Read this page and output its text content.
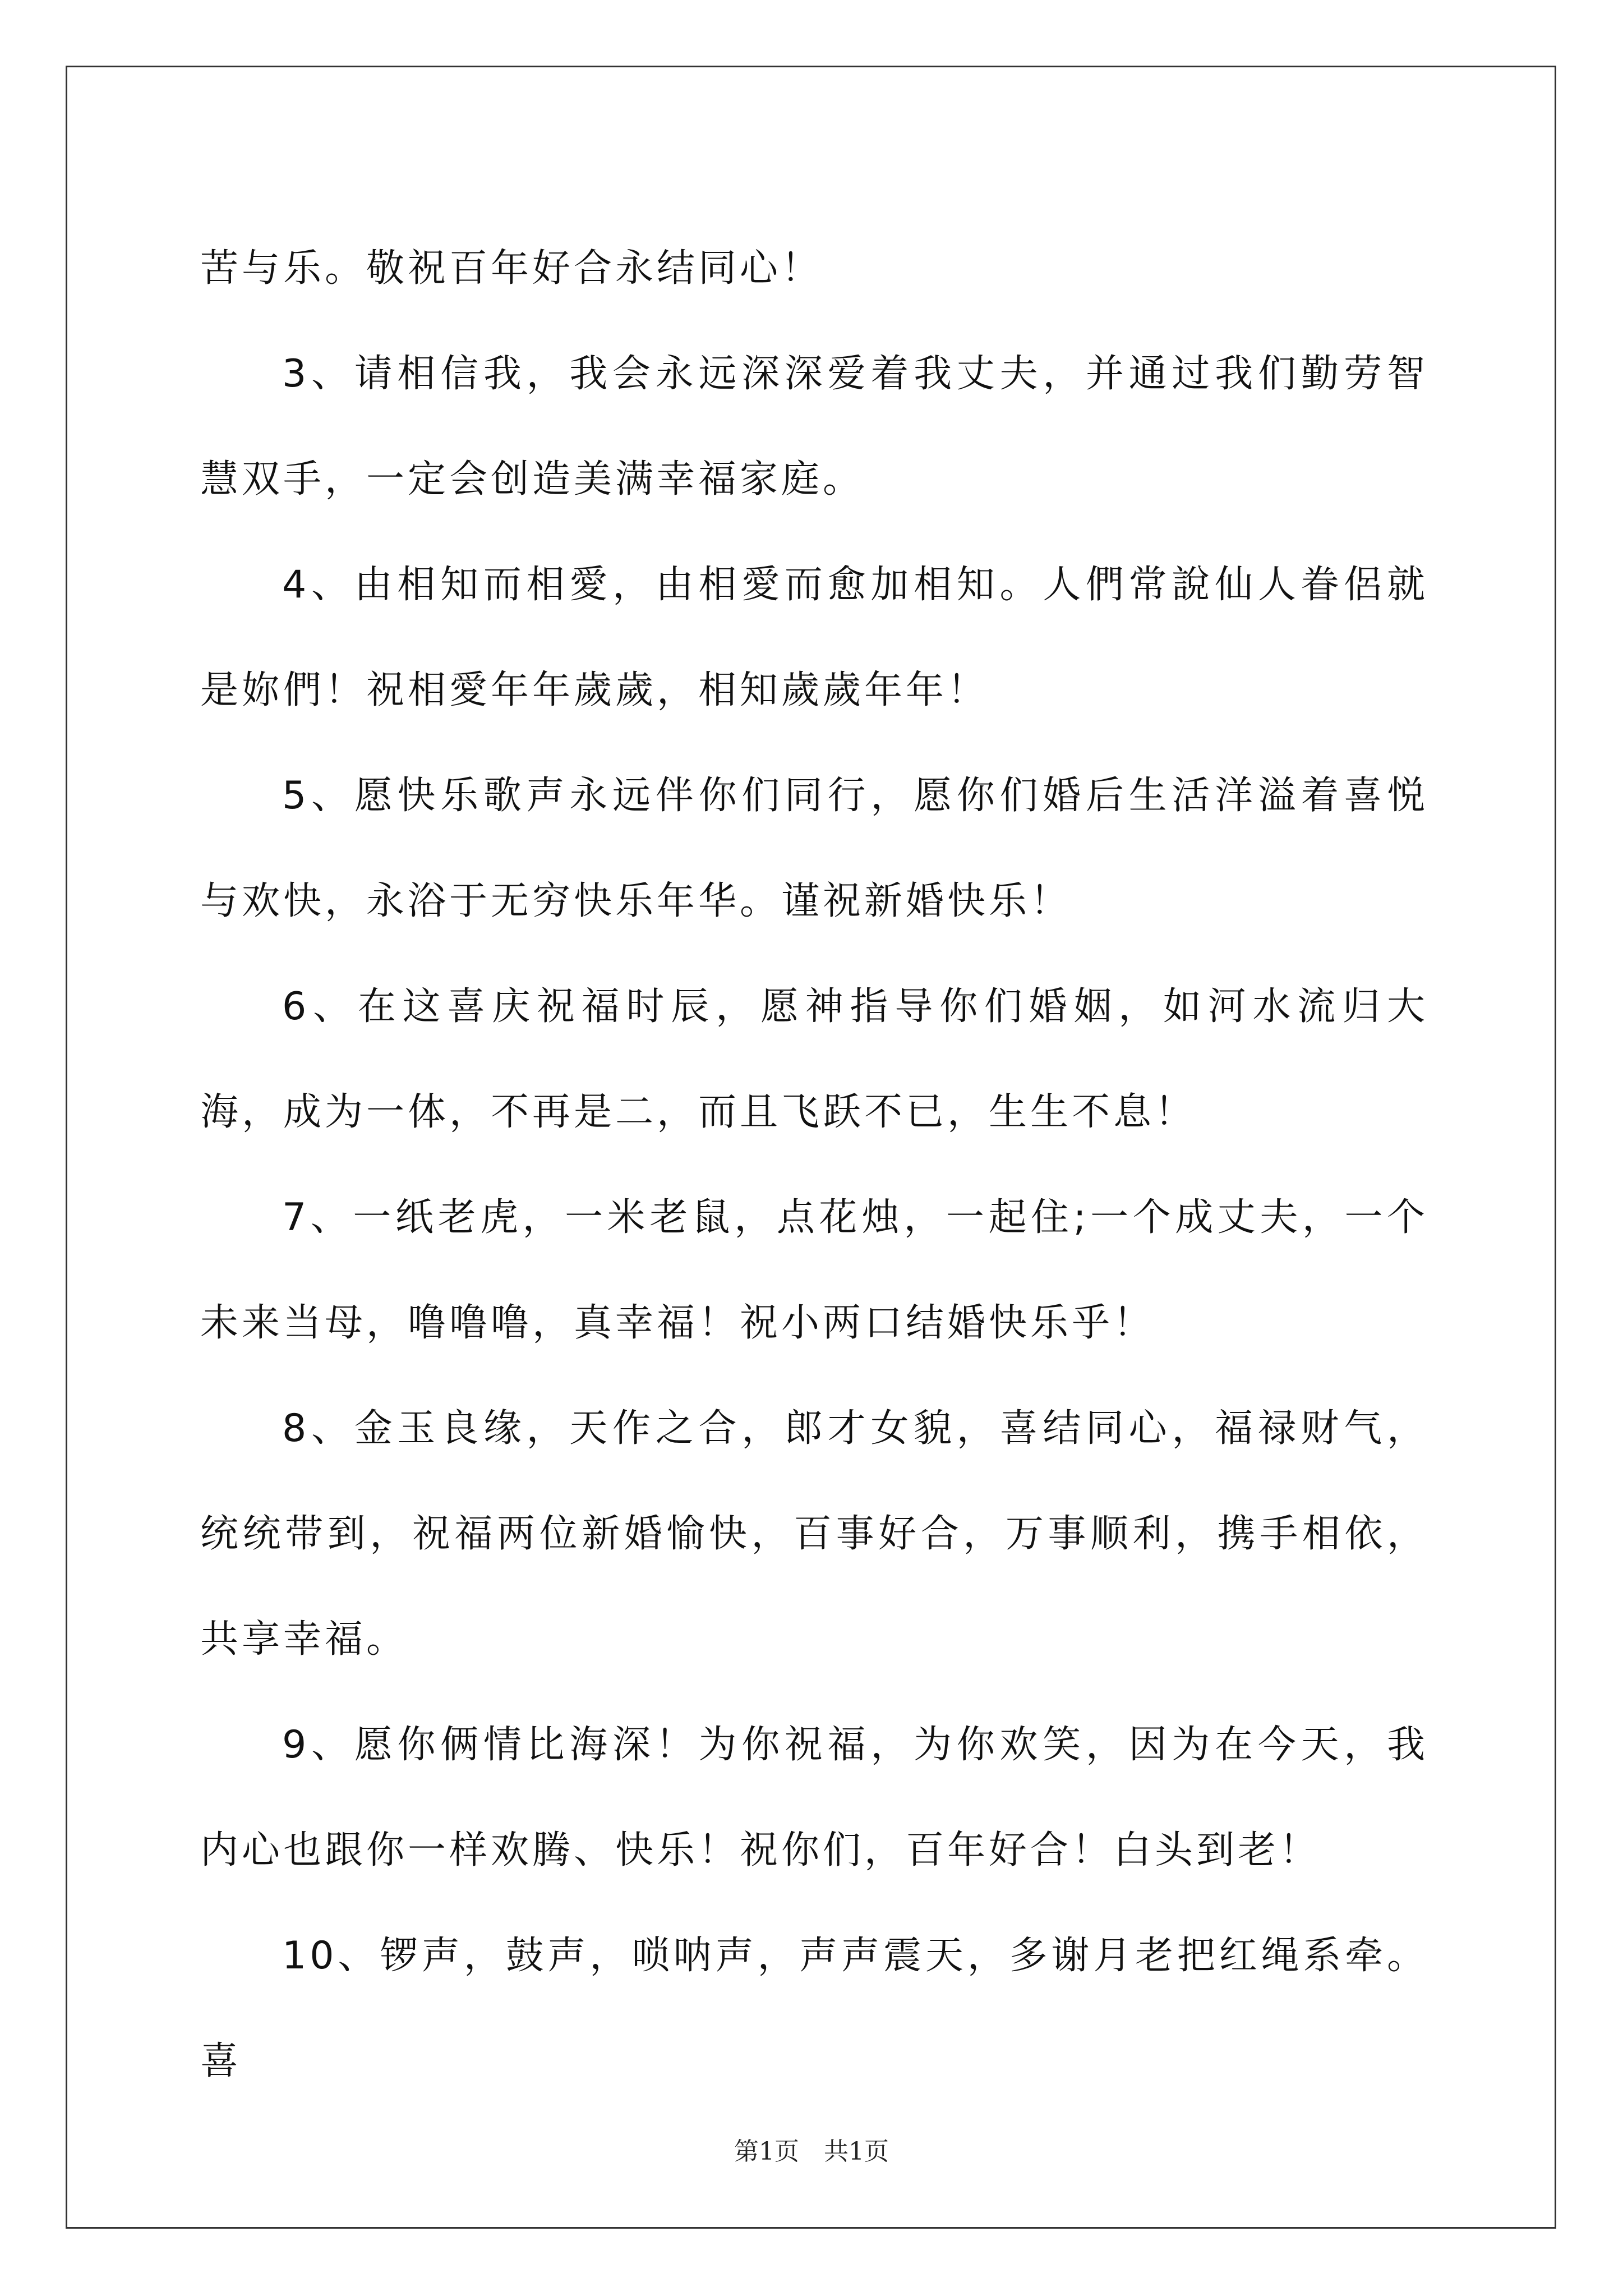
苦与乐。敬祝百年好合永结同心！

3、请相信我，我会永远深深爱着我丈夫，并通过我们勤劳智慧双手，一定会创造美满幸福家庭。

4、由相知而相愛，由相愛而愈加相知。人們常說仙人眷侶就是妳們！祝相愛年年歲歲，相知歲歲年年！

5、愿快乐歌声永远伴你们同行，愿你们婚后生活洋溢着喜悦与欢快，永浴于无穷快乐年华。谨祝新婚快乐！

6、在这喜庆祝福时辰，愿神指导你们婚姻，如河水流归大海，成为一体，不再是二，而且飞跃不已，生生不息！

7、一纸老虎，一米老鼠，点花烛，一起住;一个成丈夫，一个未来当母，噜噜噜，真幸福！祝小两口结婚快乐乎！

8、金玉良缘，天作之合，郎才女貌，喜结同心，福禄财气，统统带到，祝福两位新婚愉快，百事好合，万事顺利，携手相依，共享幸福。

9、愿你俩情比海深！为你祝福，为你欢笑，因为在今天，我内心也跟你一样欢腾、快乐！祝你们，百年好合！白头到老！

10、锣声，鼓声，唢呐声，声声震天，多谢月老把红绳系牵。喜

第1页　共1页
